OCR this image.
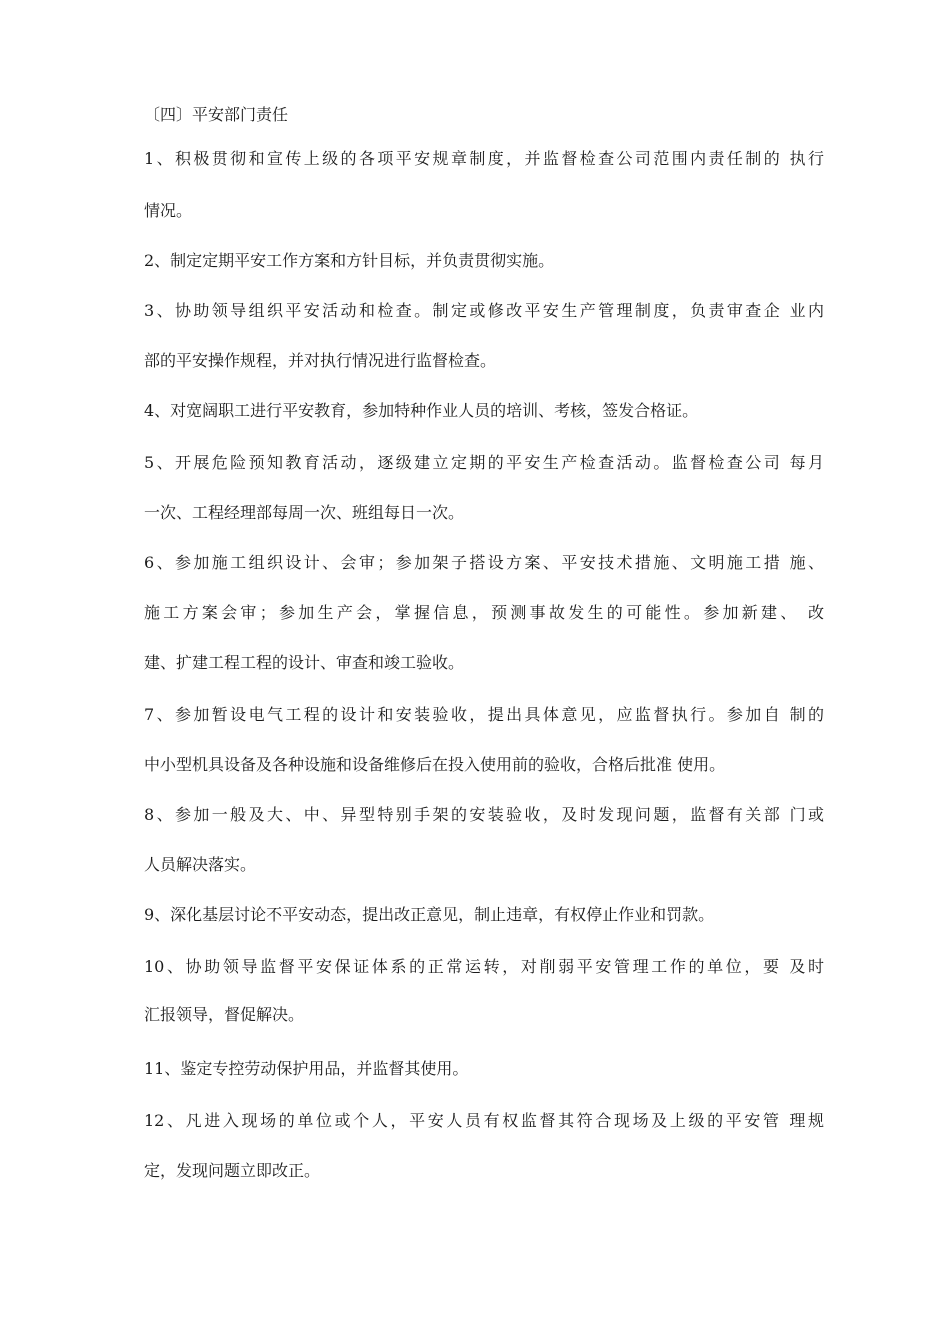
〔四〕平安部门责任
1、积极贯彻和宣传上级的各项平安规章制度，并监督检查公司范围内责任制的 执行
情况。
2、制定定期平安工作方案和方针目标，并负责贯彻实施。
3、协助领导组织平安活动和检查。制定或修改平安生产管理制度，负责审查企 业内
部的平安操作规程，并对执行情况进行监督检查。
4、对宽阔职工进行平安教育，参加特种作业人员的培训、考核，签发合格证。
5、开展危险预知教育活动，逐级建立定期的平安生产检查活动。监督检查公司 每月
一次、工程经理部每周一次、班组每日一次。
6、参加施工组织设计、会审；参加架子搭设方案、平安技术措施、文明施工措 施、
施工方案会审；参加生产会，掌握信息，预测事故发生的可能性。参加新建、 改
建、扩建工程工程的设计、审查和竣工验收。
7、参加暂设电气工程的设计和安装验收，提出具体意见，应监督执行。参加自 制的
中小型机具设备及各种设施和设备维修后在投入使用前的验收，合格后批准 使用。
8、参加一般及大、中、异型特别手架的安装验收，及时发现问题，监督有关部 门或
人员解决落实。
9、深化基层讨论不平安动态，提出改正意见，制止违章，有权停止作业和罚款。
10、协助领导监督平安保证体系的正常运转，对削弱平安管理工作的单位，要 及时
汇报领导，督促解决。
11、鉴定专控劳动保护用品，并监督其使用。
12、凡进入现场的单位或个人，平安人员有权监督其符合现场及上级的平安管 理规
定，发现问题立即改正。
